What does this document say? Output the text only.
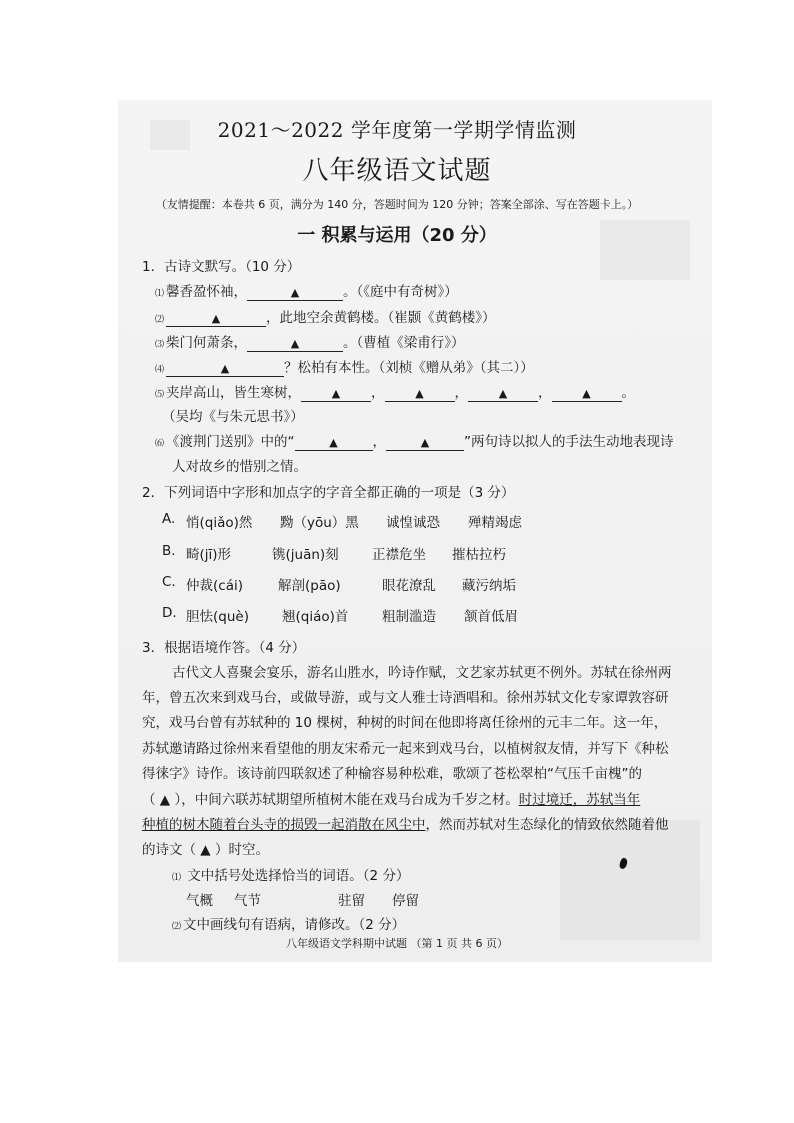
2021～2022 学年度第一学期学情监测
八年级语文试题
（友情提醒：本卷共 6 页，满分为 140 分，答题时间为 120 分钟；答案全部涂、写在答题卡上。）
一 积累与运用（20 分）
1．古诗文默写。（10 分）
⑴ 馨香盈怀袖，	▲	。（《庭中有奇树》）
⑵	▲	，此地空余黄鹤楼。（崔颢《黄鹤楼》）
⑶ 柴门何萧条，	▲	。（曹植《梁甫行》）
⑷	▲	？松柏有本性。（刘桢《赠从弟》（其二））
⑸ 夹岸高山，皆生寒树，	▲ ，	▲ ，	▲ ，	▲ 。
（吴均《与朱元思书》）
⑹ 《渡荆门送别》中的“	▲	，	▲	”两句诗以拟人的手法生动地表现诗
人对故乡的惜别之情。
2．下列词语中字形和加点字的字音全都正确的一项是（3 分）
A. 悄(qiǎo)然 黝（yōu）黑 诚惶诚恐 殚精竭虑
B. 畸(jī)形	镌(juān)刻 正襟危坐 摧枯拉朽
C. 仲裁(cái)	解剖(pāo)	眼花潦乱 藏污纳垢
D. 胆怯(què) 翘(qiáo)首 粗制滥造 颔首低眉
3．根据语境作答。（4 分）
古代文人喜聚会宴乐，游名山胜水，吟诗作赋，文艺家苏轼更不例外。苏轼在徐州两
年，曾五次来到戏马台，或做导游，或与文人雅士诗酒唱和。徐州苏轼文化专家谭敦容研
究，戏马台曾有苏轼种的 10 棵树，种树的时间在他即将离任徐州的元丰二年。这一年，
苏轼邀请路过徐州来看望他的朋友宋希元一起来到戏马台，以植树叙友情，并写下《种松
得徕字》诗作。该诗前四联叙述了种榆容易种松难，歌颂了苍松翠柏“气压千亩槐”的
（ ▲ ），中间六联苏轼期望所植树木能在戏马台成为千岁之材。时过境迁，苏轼当年
种植的树木随着台头寺的损毁一起消散在风尘中，然而苏轼对生态绿化的情致依然随着他
的诗文（ ▲ ）时空。
⑴ 文中括号处选择恰当的词语。（2 分）
气概 气节	驻留 停留
⑵ 文中画线句有语病，请修改。（2 分）
八年级语文学科期中试题 （第 1 页 共 6 页）
